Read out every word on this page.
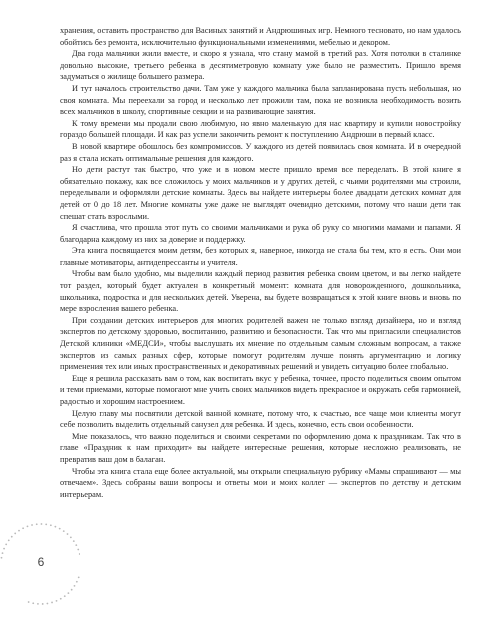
хранения, оставить пространство для Васиных занятий и Андрюшиных игр. Немного тесновато, но нам удалось обойтись без ремонта, исключительно функциональными изменениями, мебелью и декором.

Два года мальчики жили вместе, и скоро я узнала, что стану мамой в третий раз. Хотя потолки в сталинке довольно высокие, третьего ребенка в десятиметровую комнату уже было не разместить. Пришло время задуматься о жилище большего размера.

И тут началось строительство дачи. Там уже у каждого мальчика была запланирована пусть небольшая, но своя комната. Мы переехали за город и несколько лет прожили там, пока не возникла необходимость возить всех мальчиков в школу, спортивные секции и на развивающие занятия.

К тому времени мы продали свою любимую, но явно маленькую для нас квартиру и купили новостройку гораздо большей площади. И как раз успели закончить ремонт к поступлению Андрюши в первый класс.

В новой квартире обошлось без компромиссов. У каждого из детей появилась своя комната. И в очередной раз я стала искать оптимальные решения для каждого.

Но дети растут так быстро, что уже и в новом месте пришло время все переделать. В этой книге я обязательно покажу, как все сложилось у моих мальчиков и у других детей, с чьими родителями мы строили, переделывали и оформляли детские комнаты. Здесь вы найдете интерьеры более двадцати детских комнат для детей от 0 до 18 лет. Многие комнаты уже даже не выглядят очевидно детскими, потому что наши дети так спешат стать взрослыми.

Я счастлива, что прошла этот путь со своими мальчиками и рука об руку со многими мамами и папами. Я благодарна каждому из них за доверие и поддержку.

Эта книга посвящается моим детям, без которых я, наверное, никогда не стала бы тем, кто я есть. Они мои главные мотиваторы, антидепрессанты и учителя.

Чтобы вам было удобно, мы выделили каждый период развития ребенка своим цветом, и вы легко найдете тот раздел, который будет актуален в конкретный момент: комната для новорожденного, дошкольника, школьника, подростка и для нескольких детей. Уверена, вы будете возвращаться к этой книге вновь и вновь по мере взросления вашего ребенка.

При создании детских интерьеров для многих родителей важен не только взгляд дизайнера, но и взгляд экспертов по детскому здоровью, воспитанию, развитию и безопасности. Так что мы пригласили специалистов Детской клиники «МЕДСИ», чтобы выслушать их мнение по отдельным самым сложным вопросам, а также экспертов из самых разных сфер, которые помогут родителям лучше понять аргументацию и логику применения тех или иных пространственных и декоративных решений и увидеть ситуацию более глобально.

Еще я решила рассказать вам о том, как воспитать вкус у ребенка, точнее, просто поделиться своим опытом и теми приемами, которые помогают мне учить своих мальчиков видеть прекрасное и окружать себя гармонией, радостью и хорошим настроением.

Целую главу мы посвятили детской ванной комнате, потому что, к счастью, все чаще мои клиенты могут себе позволить выделить отдельный санузел для ребенка. И здесь, конечно, есть свои особенности.

Мне показалось, что важно поделиться и своими секретами по оформлению дома к праздникам. Так что в главе «Праздник к нам приходит» вы найдете интересные решения, которые несложно реализовать, не превратив ваш дом в балаган.

Чтобы эта книга стала еще более актуальной, мы открыли специальную рубрику «Мамы спрашивают — мы отвечаем». Здесь собраны ваши вопросы и ответы мои и моих коллег — экспертов по детству и детским интерьерам.

6
